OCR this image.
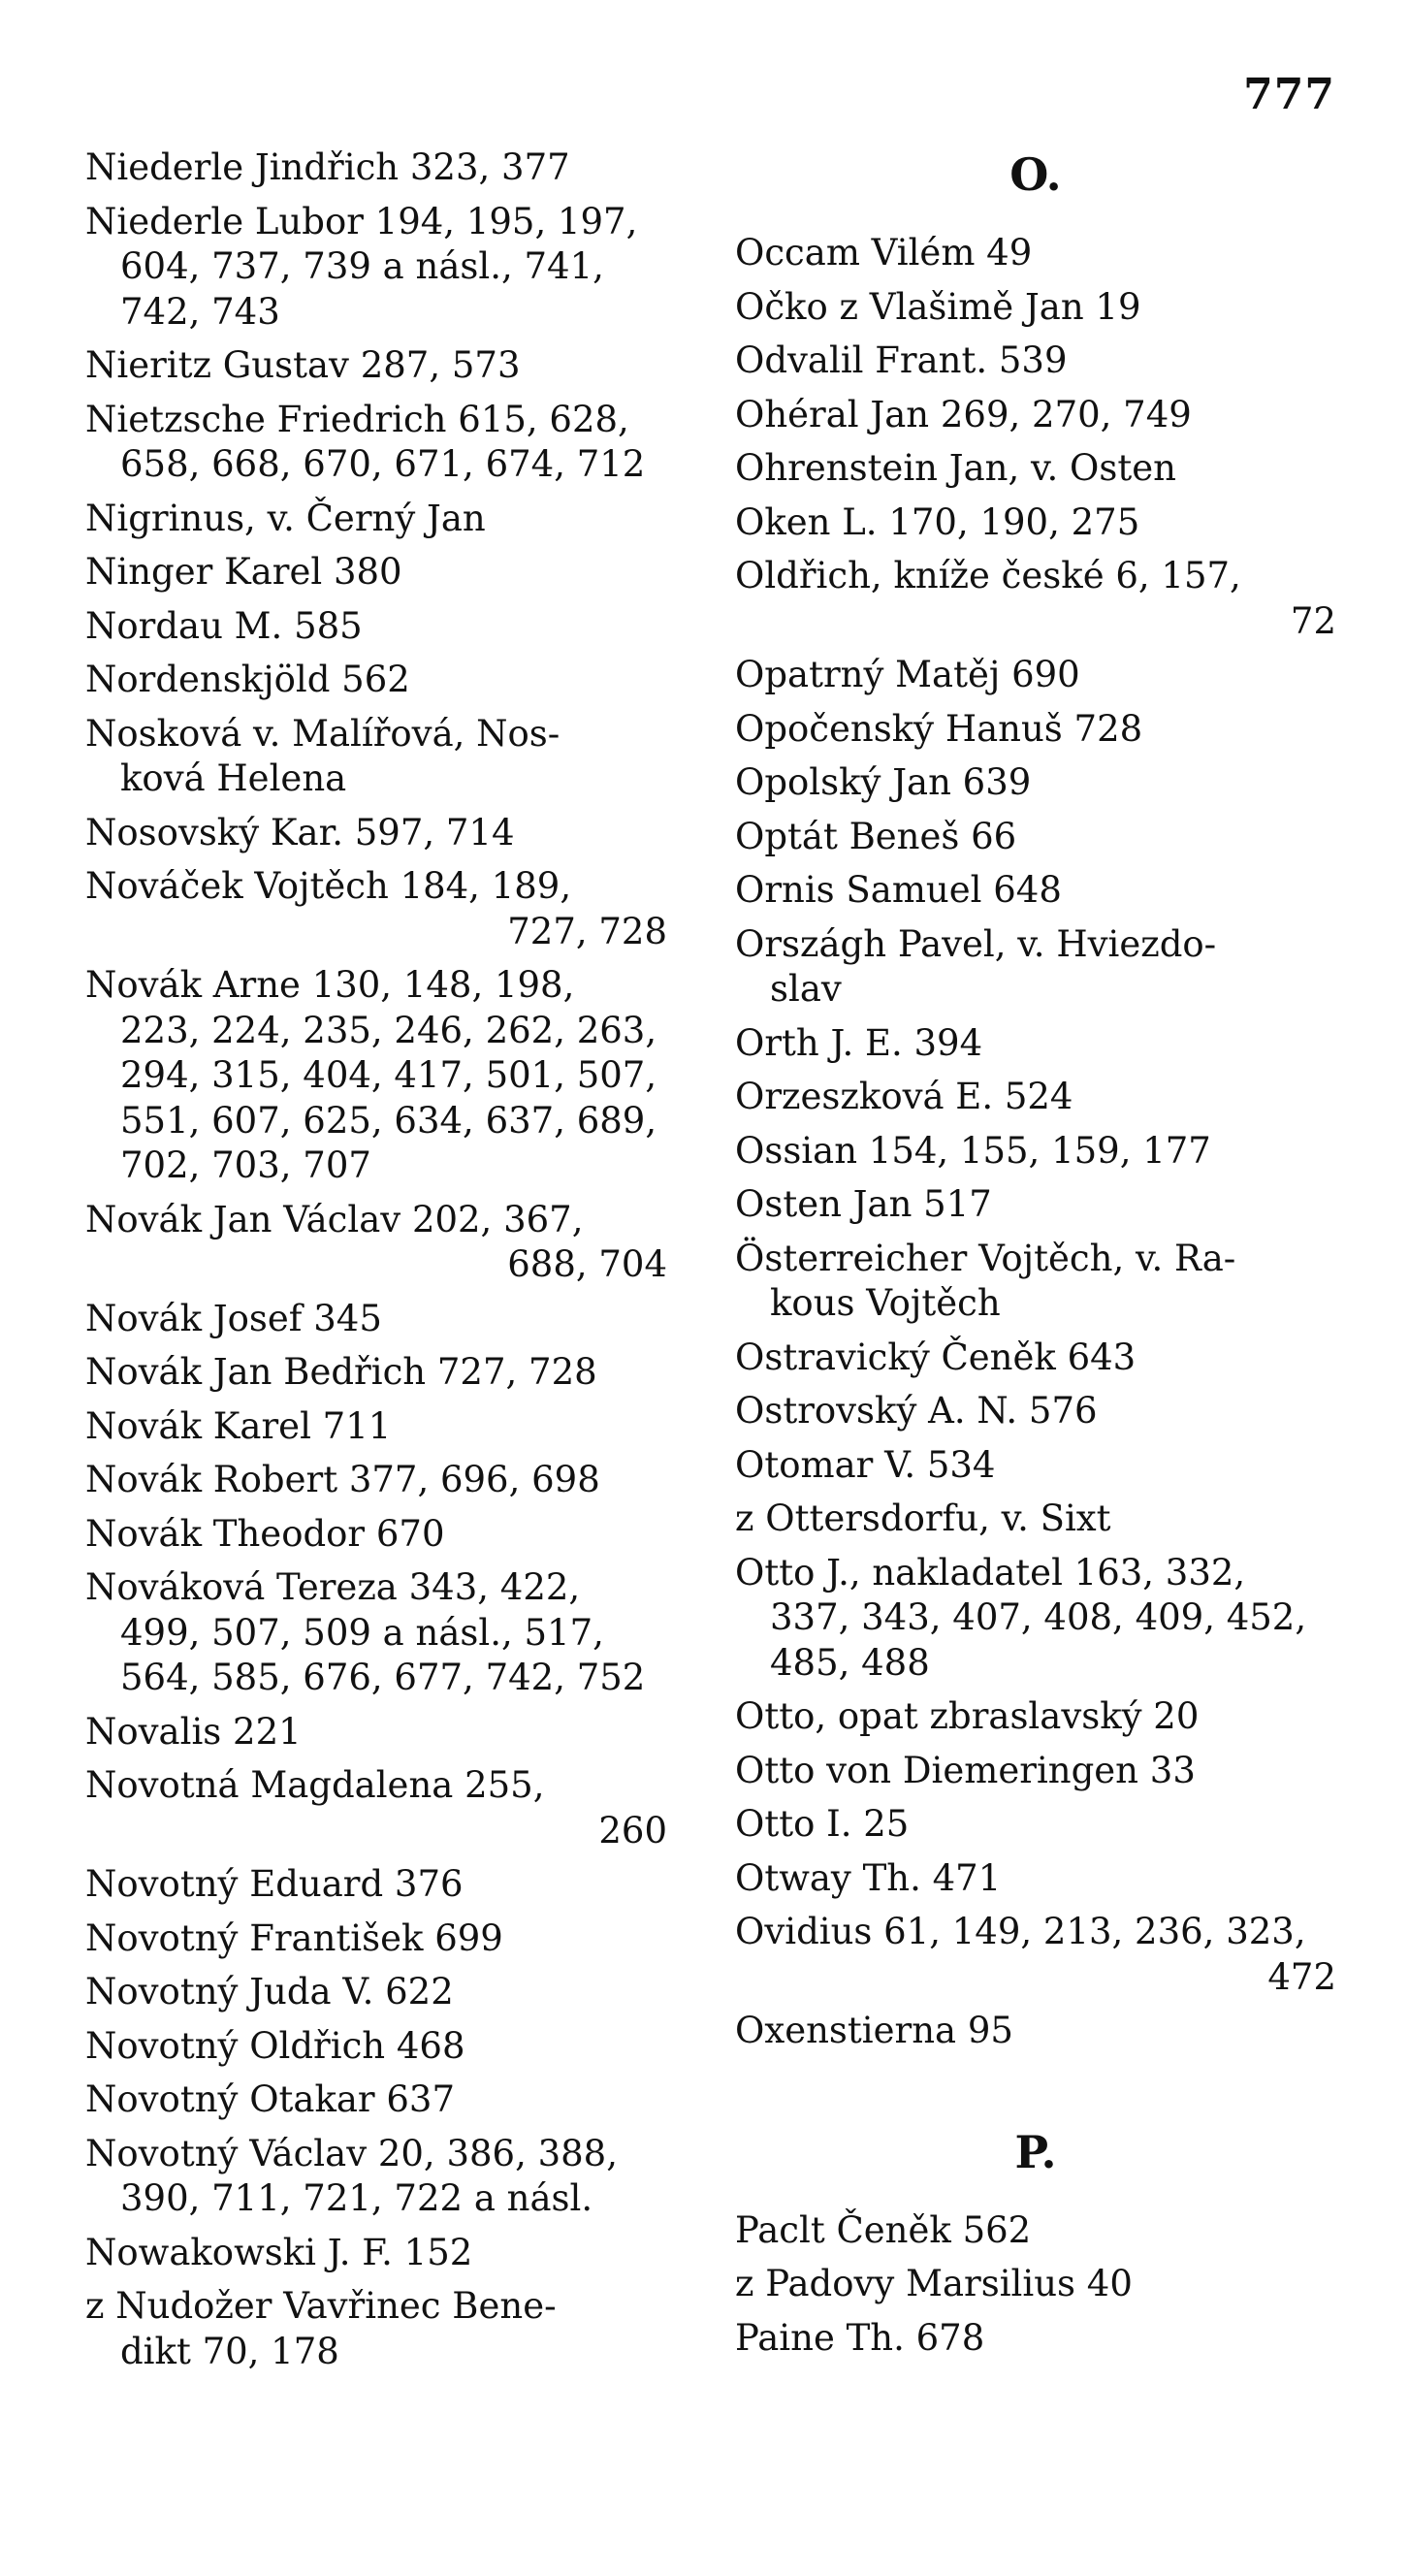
777
Niederle Jindřich 323, 377
Niederle Lubor 194, 195, 197,
604, 737, 739 a násl., 741,
742, 743
Nieritz Gustav 287, 573
Nietzsche Friedrich 615, 628,
658, 668, 670, 671, 674, 712
Nigrinus, v. Černý Jan
Ninger Karel 380
Nordau M. 585
Nordenskjöld 562
Nosková v. Malířová, Nos-
ková Helena
Nosovský Kar. 597, 714
Nováček Vojtěch 184, 189,
727, 728
Novák Arne 130, 148, 198,
223, 224, 235, 246, 262, 263,
294, 315, 404, 417, 501, 507,
551, 607, 625, 634, 637, 689,
702, 703, 707
Novák Jan Václav 202, 367,
688, 704
Novák Josef 345
Novák Jan Bedřich 727, 728
Novák Karel 711
Novák Robert 377, 696, 698
Novák Theodor 670
Nováková Tereza 343, 422,
499, 507, 509 a násl., 517,
564, 585, 676, 677, 742, 752
Novalis 221
Novotná Magdalena 255,
260
Novotný Eduard 376
Novotný František 699
Novotný Juda V. 622
Novotný Oldřich 468
Novotný Otakar 637
Novotný Václav 20, 386, 388,
390, 711, 721, 722 a násl.
Nowakowski J. F. 152
z Nudožer Vavřinec Bene-
dikt 70, 178
O.
Occam Vilém 49
Očko z Vlašimě Jan 19
Odvalil Frant. 539
Ohéral Jan 269, 270, 749
Ohrenstein Jan, v. Osten
Oken L. 170, 190, 275
Oldřich, kníže české 6, 157,
72
Opatrný Matěj 690
Opočenský Hanuš 728
Opolský Jan 639
Optát Beneš 66
Ornis Samuel 648
Országh Pavel, v. Hviezdo-
slav
Orth J. E. 394
Orzeszková E. 524
Ossian 154, 155, 159, 177
Osten Jan 517
Österreicher Vojtěch, v. Ra-
kous Vojtěch
Ostravický Čeněk 643
Ostrovský A. N. 576
Otomar V. 534
z Ottersdorfu, v. Sixt
Otto J., nakladatel 163, 332,
337, 343, 407, 408, 409, 452,
485, 488
Otto, opat zbraslavský 20
Otto von Diemeringen 33
Otto I. 25
Otway Th. 471
Ovidius 61, 149, 213, 236, 323,
472
Oxenstierna 95
P.
Paclt Čeněk 562
z Padovy Marsilius 40
Paine Th. 678
